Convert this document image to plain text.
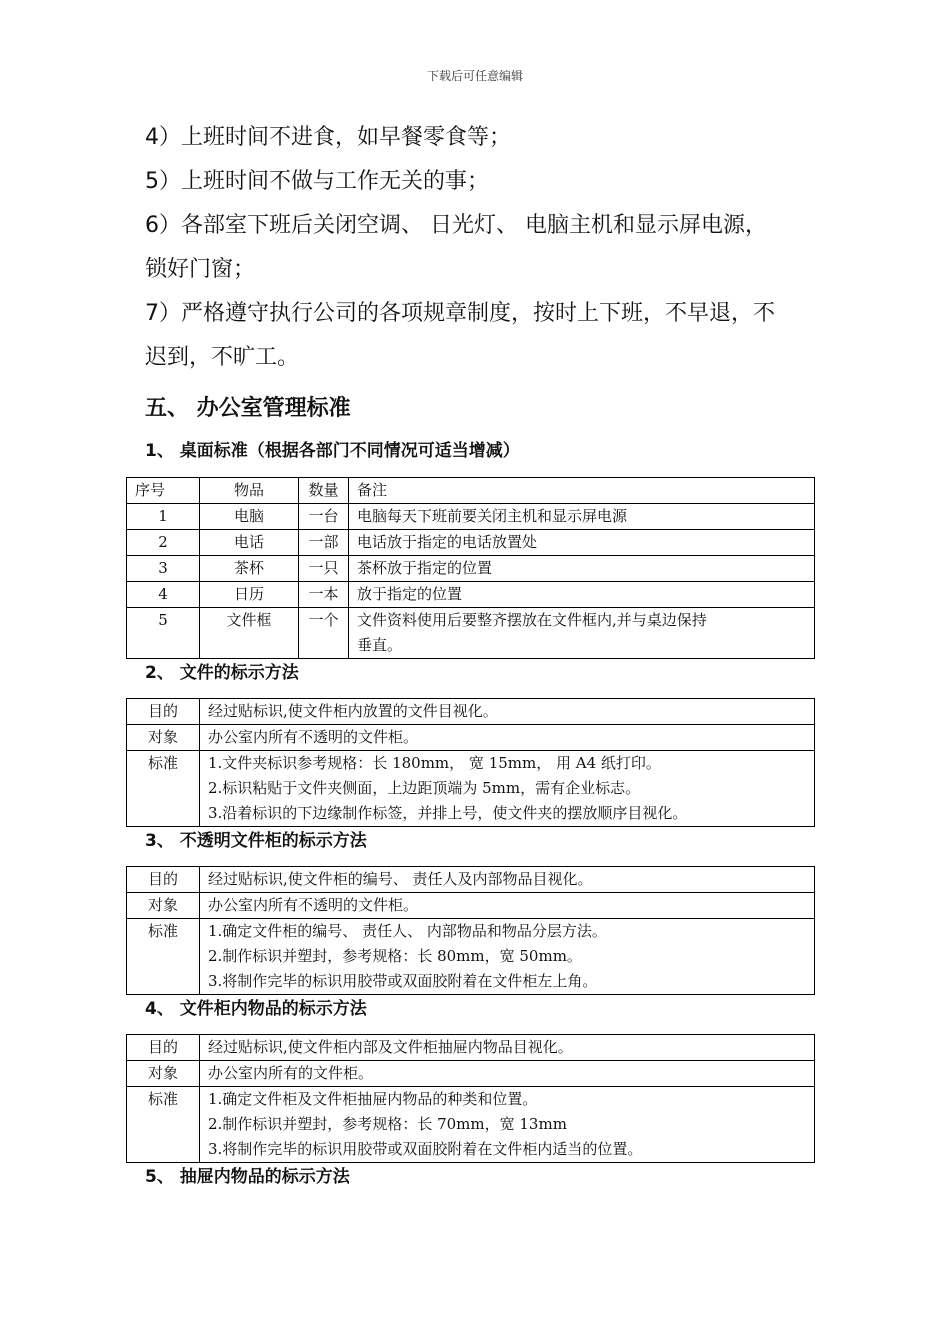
下载后可任意编辑
4）上班时间不进食，如早餐零食等；
5）上班时间不做与工作无关的事；
6）各部室下班后关闭空调、 日光灯、 电脑主机和显示屏电源，
锁好门窗；
7）严格遵守执行公司的各项规章制度，按时上下班，不早退，不
迟到，不旷工。
五、 办公室管理标准
1、 桌面标准（根据各部门不同情况可适当增减）
序号	物品	数量	备注
1	电脑	一台	电脑每天下班前要关闭主机和显示屏电源
2	电话	一部	电话放于指定的电话放置处
3	茶杯	一只	茶杯放于指定的位置
4	日历	一本	放于指定的位置
5	文件框	一个	文件资料使用后要整齐摆放在文件框内,并与桌边保持
垂直。
2、 文件的标示方法
目的	经过贴标识,使文件柜内放置的文件目视化。
对象	办公室内所有不透明的文件柜。
标准	1.文件夹标识参考规格：长 180mm， 宽 15mm， 用 A4 纸打印。
2.标识粘贴于文件夹侧面，上边距顶端为 5mm，需有企业标志。
3.沿着标识的下边缘制作标签，并排上号，使文件夹的摆放顺序目视化。
3、 不透明文件柜的标示方法
目的	经过贴标识,使文件柜的编号、 责任人及内部物品目视化。
对象	办公室内所有不透明的文件柜。
标准	1.确定文件柜的编号、 责任人、 内部物品和物品分层方法。
2.制作标识并塑封，参考规格：长 80mm，宽 50mm。
3.将制作完毕的标识用胶带或双面胶附着在文件柜左上角。
4、 文件柜内物品的标示方法
目的	经过贴标识,使文件柜内部及文件柜抽屉内物品目视化。
对象	办公室内所有的文件柜。
标准	1.确定文件柜及文件柜抽屉内物品的种类和位置。
2.制作标识并塑封，参考规格：长 70mm，宽 13mm
3.将制作完毕的标识用胶带或双面胶附着在文件柜内适当的位置。
5、 抽屉内物品的标示方法
